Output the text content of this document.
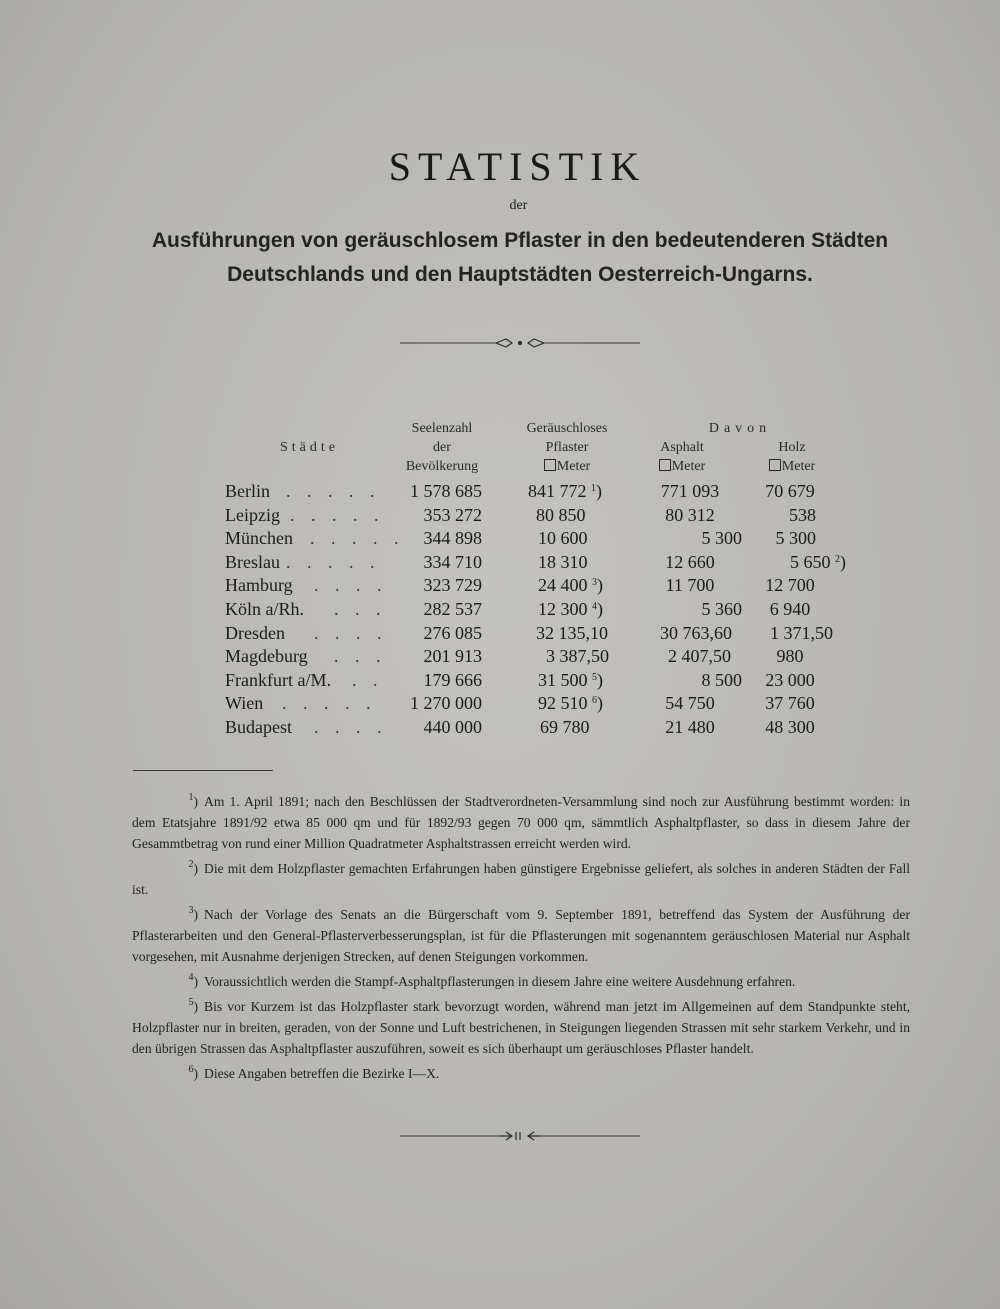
STATISTIK
der
Ausführungen von geräuschlosem Pflaster in den bedeutenderen Städten
Deutschlands und den Hauptstädten Oesterreich-Ungarns.
Städte
Seelenzahl
der
Bevölkerung
Geräuschloses
Pflaster
Meter
Davon
Asphalt
Meter
Holz
Meter
Berlin . . . . .	1 578 685	841 772 $^1$)	771 093	70 679
Leipzig . . . . .	353 272	80 850	80 312	538
München . . . . .	344 898	10 600	5 300	5 300
Breslau . . . . .	334 710	18 310	12 660	5 650 $^2$)
Hamburg . . . .	323 729	24 400 $^3$)	11 700	12 700
Köln a/Rh. . . .	282 537	12 300 $^4$)	5 360	6 940
Dresden . . . .	276 085	32 135,10	30 763,60	1 371,50
Magdeburg . . .	201 913	3 387,50	2 407,50	980
Frankfurt a/M. . .	179 666	31 500 $^5$)	8 500	23 000
Wien . . . . .	1 270 000	92 510 $^6$)	54 750	37 760
Budapest . . . .	440 000	69 780	21 480	48 300

$^1$) Am 1. April 1891; nach den Beschlüssen der Stadtverordneten-Versammlung sind noch zur Ausführung bestimmt worden: in dem Etatsjahre 1891/92 etwa 85 000 qm und für 1892/93 gegen 70 000 qm, sämmtlich Asphaltpflaster, so dass in diesem Jahre der Gesammtbetrag von rund einer Million Quadratmeter Asphaltstrassen erreicht werden wird.

$^2$) Die mit dem Holzpflaster gemachten Erfahrungen haben günstigere Ergebnisse geliefert, als solches in anderen Städten der Fall ist.

$^3$) Nach der Vorlage des Senats an die Bürgerschaft vom 9. September 1891, betreffend das System der Ausführung der Pflasterarbeiten und den General-Pflasterverbesserungsplan, ist für die Pflasterungen mit sogenanntem geräuschlosen Material nur Asphalt vorgesehen, mit Ausnahme derjenigen Strecken, auf denen Steigungen vorkommen.

$^4$) Voraussichtlich werden die Stampf-Asphaltpflasterungen in diesem Jahre eine weitere Ausdehnung erfahren.

$^5$) Bis vor Kurzem ist das Holzpflaster stark bevorzugt worden, während man jetzt im Allgemeinen auf dem Standpunkte steht, Holzpflaster nur in breiten, geraden, von der Sonne und Luft bestrichenen, in Steigungen liegenden Strassen mit sehr starkem Verkehr, und in den übrigen Strassen das Asphaltpflaster auszuführen, soweit es sich überhaupt um geräuschloses Pflaster handelt.

$^6$) Diese Angaben betreffen die Bezirke I—X.
